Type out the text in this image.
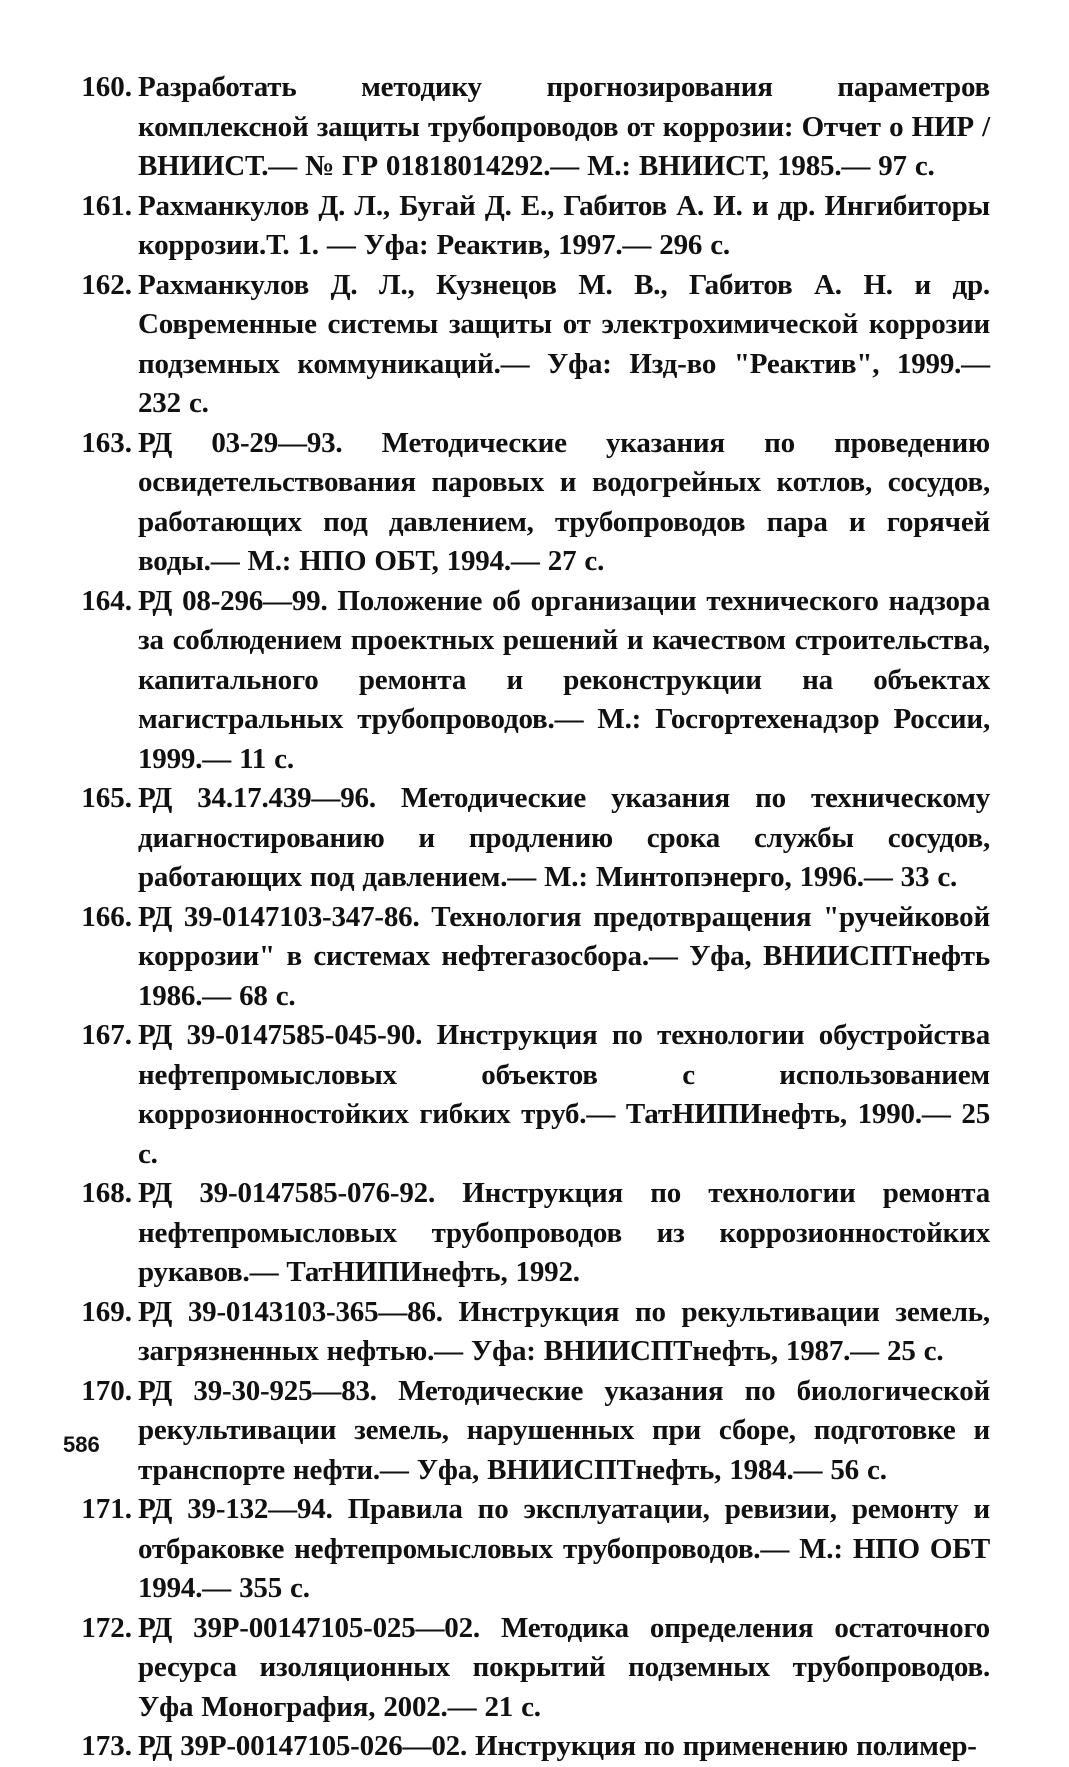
160. Разработать методику прогнозирования параметров комплексной защиты трубопроводов от коррозии: Отчет о НИР / ВНИИСТ.— № ГР 01818014292.— М.: ВНИИСТ, 1985.— 97 с.
161. Рахманкулов Д. Л., Бугай Д. Е., Габитов А. И. и др. Ингибиторы коррозии.Т. 1. — Уфа: Реактив, 1997.— 296 с.
162. Рахманкулов Д. Л., Кузнецов М. В., Габитов А. Н. и др. Современные системы защиты от электрохимической коррозии подземных коммуникаций.— Уфа: Изд-во "Реактив", 1999.— 232 с.
163. РД 03-29—93. Методические указания по проведению освидетельствования паровых и водогрейных котлов, сосудов, работающих под давлением, трубопроводов пара и горячей воды.— М.: НПО ОБТ, 1994.— 27 с.
164. РД 08-296—99. Положение об организации технического надзора за соблюдением проектных решений и качеством строительства, капитального ремонта и реконструкции на объектах магистральных трубопроводов.— М.: Госгортехенадзор России, 1999.— 11 с.
165. РД 34.17.439—96. Методические указания по техническому диагностированию и продлению срока службы сосудов, работающих под давлением.— М.: Минтопэнерго, 1996.— 33 с.
166. РД 39-0147103-347-86. Технология предотвращения "ручейковой коррозии" в системах нефтегазосбора.— Уфа, ВНИИСПТнефть 1986.— 68 с.
167. РД 39-0147585-045-90. Инструкция по технологии обустройства нефтепромысловых объектов с использованием коррозионностойких гибких труб.— ТатНИПИнефть, 1990.— 25 с.
168. РД 39-0147585-076-92. Инструкция по технологии ремонта нефтепромысловых трубопроводов из коррозионностойких рукавов.— ТатНИПИнефть, 1992.
169. РД 39-0143103-365—86. Инструкция по рекультивации земель, загрязненных нефтью.— Уфа: ВНИИСПТнефть, 1987.— 25 с.
170. РД 39-30-925—83. Методические указания по биологической рекультивации земель, нарушенных при сборе, подготовке и транспорте нефти.— Уфа, ВНИИСПТнефть, 1984.— 56 с.
171. РД 39-132—94. Правила по эксплуатации, ревизии, ремонту и отбраковке нефтепромысловых трубопроводов.— М.: НПО ОБТ 1994.— 355 с.
172. РД 39Р-00147105-025—02. Методика определения остаточного ресурса изоляционных покрытий подземных трубопроводов. Уфа Монография, 2002.— 21 с.
173. РД 39Р-00147105-026—02. Инструкция по применению полимер-
586
